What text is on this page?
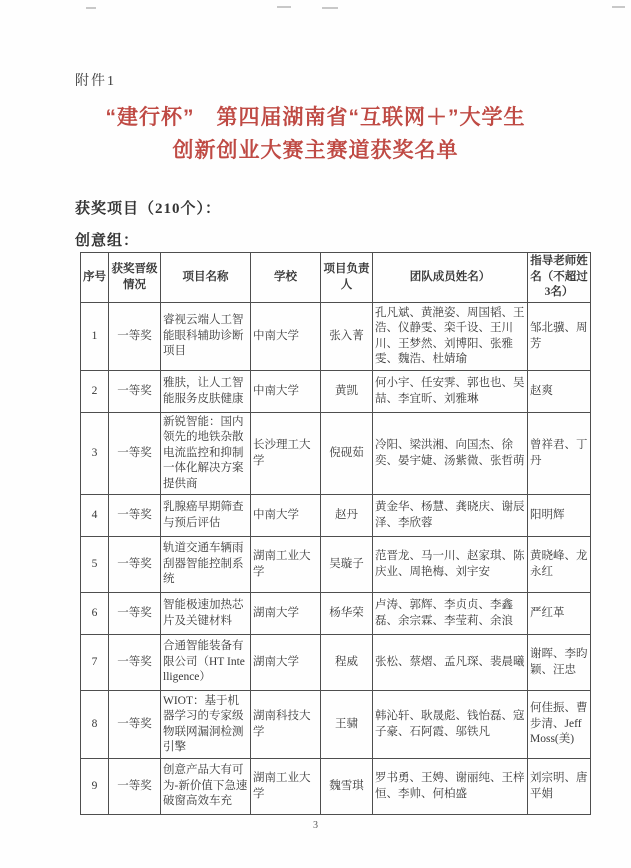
附件1
“建行杯”　第四届湖南省“互联网＋”大学生
创新创业大赛主赛道获奖名单
获奖项目（210个）：
创意组：
序号	获奖晋级情况	项目名称	学校	项目负责人	团队成员姓名）	指导老师姓名（不超过3名）
1	一等奖	睿视云端人工智能眼科辅助诊断项目	中南大学	张入菁	孔凡斌、黄滟姿、周国韬、王浩、仪静雯、栾千设、王川川、王梦然、刘博阳、张雅雯、魏浩、杜婧瑜	邹北骥、周芳
2	一等奖	雅肤，让人工智能服务皮肤健康	中南大学	黄凯	何小宇、任安霁、郭也也、吴喆、李宜昕、刘雅琳	赵爽
3	一等奖	新锐智能：国内领先的地铁杂散电流监控和抑制一体化解决方案提供商	长沙理工大学	倪砚茹	冷阳、梁洪湘、向国杰、徐奕、晏宇婕、汤紫微、张哲萌	曾祥君、丁丹
4	一等奖	乳腺癌早期筛查与预后评估	中南大学	赵丹	黄金华、杨慧、龚晓庆、谢辰泽、李欣蓉	阳明辉
5	一等奖	轨道交通车辆雨刮器智能控制系统	湖南工业大学	吴璇子	范晋龙、马一川、赵家琪、陈庆业、周艳梅、刘宇安	黄晓峰、龙永红
6	一等奖	智能极速加热芯片及关键材料	湖南大学	杨华荣	卢涛、郭辉、李贞贞、李鑫磊、余宗霖、李莹莉、余浪	严红革
7	一等奖	合通智能装备有限公司（HT Intelligence）	湖南大学	程威	张松、蔡熠、孟凡琛、裴晨曦	谢晖、李昀颖、汪忠
8	一等奖	WIOT：基于机器学习的专家级物联网漏洞检测引擎	湖南科技大学	王骕	韩沁轩、耿晟彪、钱怡磊、寇子豪、石阿霞、邬铁凡	何佳振、曹步清、Jeff Moss(美)
9	一等奖	创意产品大有可为-新价值下急速破窗高效车充	湖南工业大学	魏雪琪	罗书勇、王娉、谢丽纯、王梓恒、李帅、何柏盛	刘宗明、唐平娟
3
